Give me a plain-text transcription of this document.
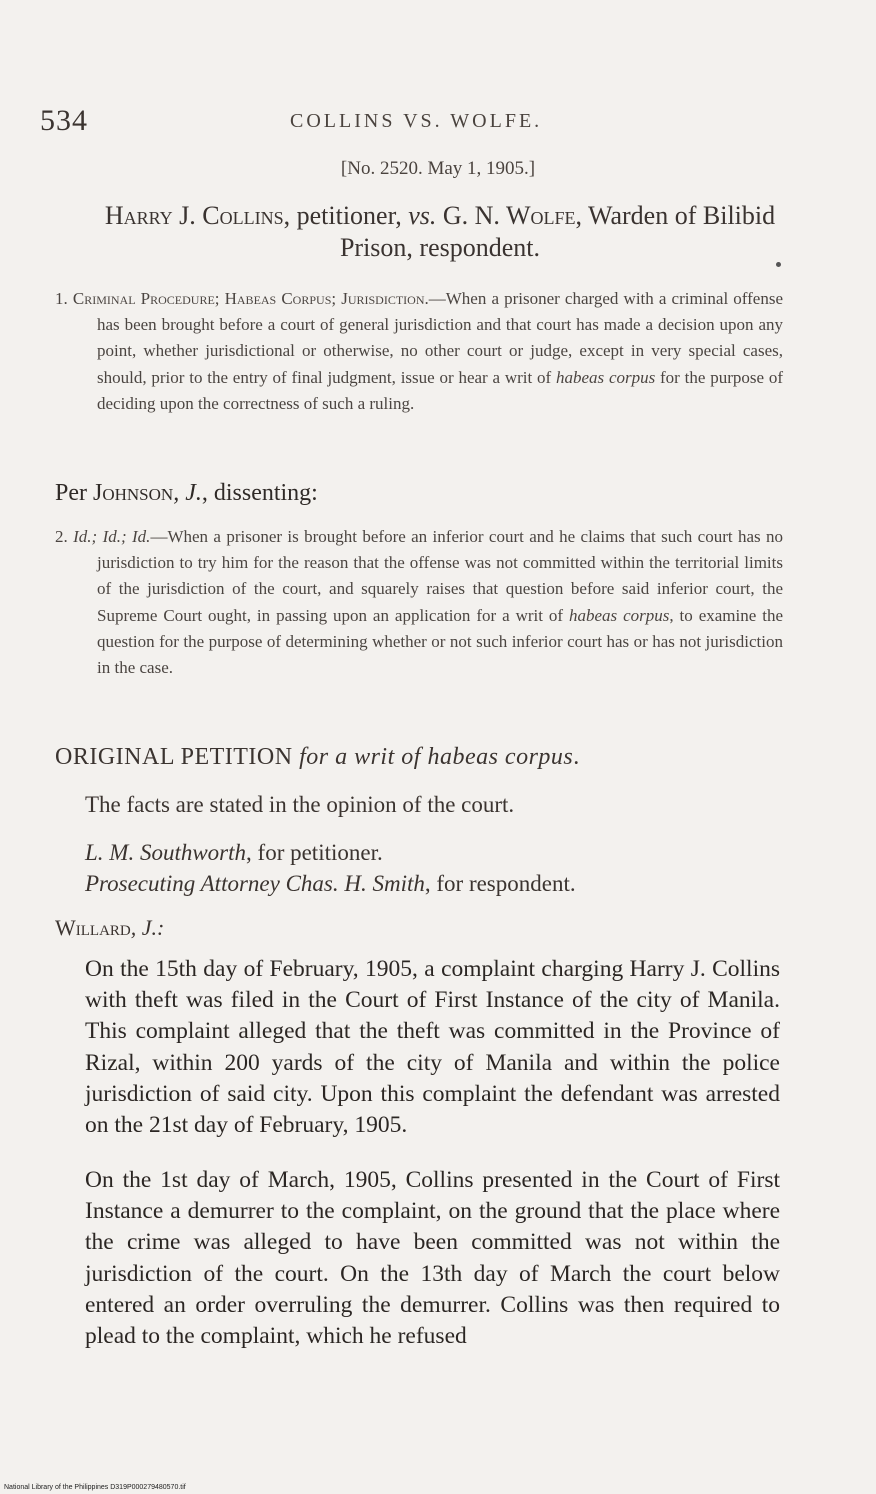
534	COLLINS VS. WOLFE.
[No. 2520. May 1, 1905.]
Harry J. Collins, petitioner, vs. G. N. Wolfe, Warden of Bilibid Prison, respondent.
1. Criminal Procedure; Habeas Corpus; Jurisdiction.—When a prisoner charged with a criminal offense has been brought before a court of general jurisdiction and that court has made a decision upon any point, whether jurisdictional or otherwise, no other court or judge, except in very special cases, should, prior to the entry of final judgment, issue or hear a writ of habeas corpus for the purpose of deciding upon the correctness of such a ruling.
Per Johnson, J., dissenting:
2. Id.; Id.; Id.—When a prisoner is brought before an inferior court and he claims that such court has no jurisdiction to try him for the reason that the offense was not committed within the territorial limits of the jurisdiction of the court, and squarely raises that question before said inferior court, the Supreme Court ought, in passing upon an application for a writ of habeas corpus, to examine the question for the purpose of determining whether or not such inferior court has or has not jurisdiction in the case.
ORIGINAL PETITION for a writ of habeas corpus.
The facts are stated in the opinion of the court.
L. M. Southworth, for petitioner.
Prosecuting Attorney Chas. H. Smith, for respondent.
Willard, J.:
On the 15th day of February, 1905, a complaint charging Harry J. Collins with theft was filed in the Court of First Instance of the city of Manila. This complaint alleged that the theft was committed in the Province of Rizal, within 200 yards of the city of Manila and within the police jurisdiction of said city. Upon this complaint the defendant was arrested on the 21st day of February, 1905.
On the 1st day of March, 1905, Collins presented in the Court of First Instance a demurrer to the complaint, on the ground that the place where the crime was alleged to have been committed was not within the jurisdiction of the court. On the 13th day of March the court below entered an order overruling the demurrer. Collins was then required to plead to the complaint, which he refused
National Library of the Philippines D319P000279480570.tif
